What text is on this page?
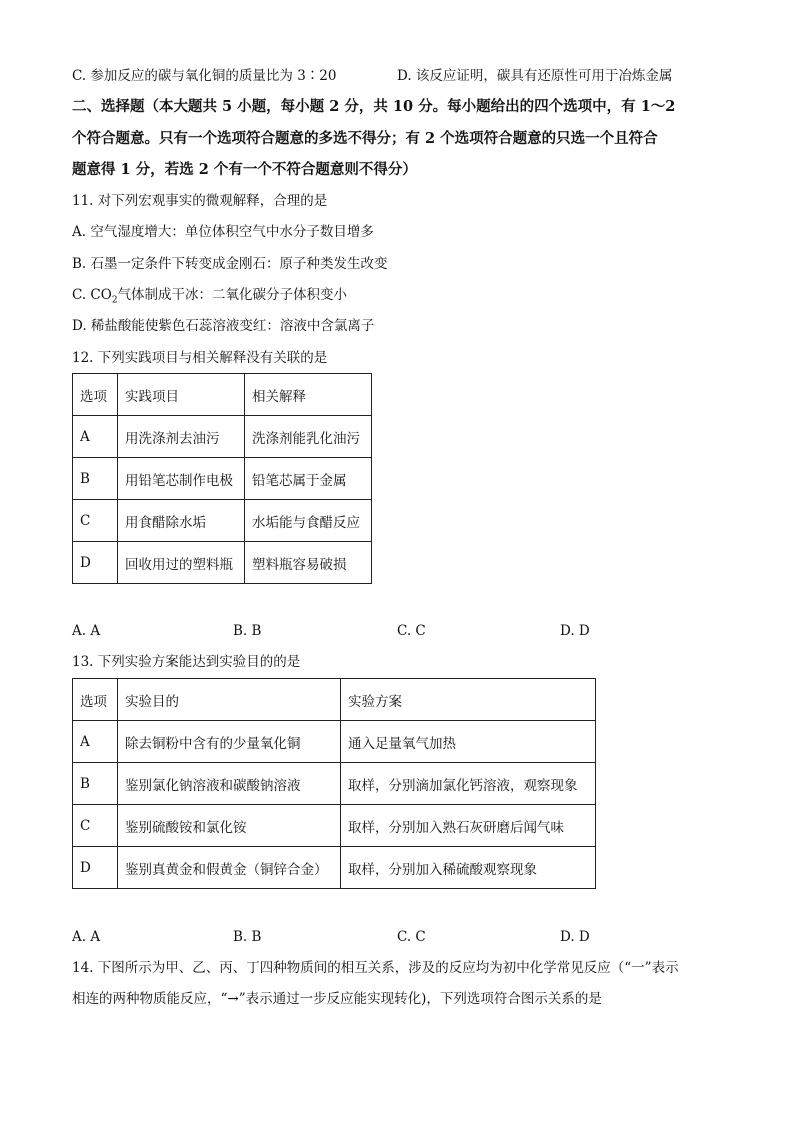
C. 参加反应的碳与氧化铜的质量比为 3∶20	D. 该反应证明，碳具有还原性可用于冶炼金属
二、选择题（本大题共 5 小题，每小题 2 分，共 10 分。每小题给出的四个选项中，有 1～2
个符合题意。只有一个选项符合题意的多选不得分；有 2 个选项符合题意的只选一个且符合
题意得 1 分，若选 2 个有一个不符合题意则不得分）
11. 对下列宏观事实的微观解释，合理的是
A. 空气湿度增大：单位体积空气中水分子数目增多
B. 石墨一定条件下转变成金刚石：原子种类发生改变
C. $CO_2$气体制成干冰：二氧化碳分子体积变小
D. 稀盐酸能使紫色石蕊溶液变红：溶液中含氯离子
12. 下列实践项目与相关解释没有关联的是
选项	实践项目	相关解释
A	用洗涤剂去油污	洗涤剂能乳化油污
B	用铅笔芯制作电极	铅笔芯属于金属
C	用食醋除水垢	水垢能与食醋反应
D	回收用过的塑料瓶	塑料瓶容易破损
A. A	B. B	C. C	D. D
13. 下列实验方案能达到实验目的的是
选项	实验目的	实验方案
A	除去铜粉中含有的少量氧化铜	通入足量氧气加热
B	鉴别氯化钠溶液和碳酸钠溶液	取样，分别滴加氯化钙溶液，观察现象
C	鉴别硫酸铵和氯化铵	取样，分别加入熟石灰研磨后闻气味
D	鉴别真黄金和假黄金（铜锌合金）	取样，分别加入稀硫酸观察现象
A. A	B. B	C. C	D. D
14. 下图所示为甲、乙、丙、丁四种物质间的相互关系，涉及的反应均为初中化学常见反应（“一”表示
相连的两种物质能反应，“→”表示通过一步反应能实现转化)，下列选项符合图示关系的是
